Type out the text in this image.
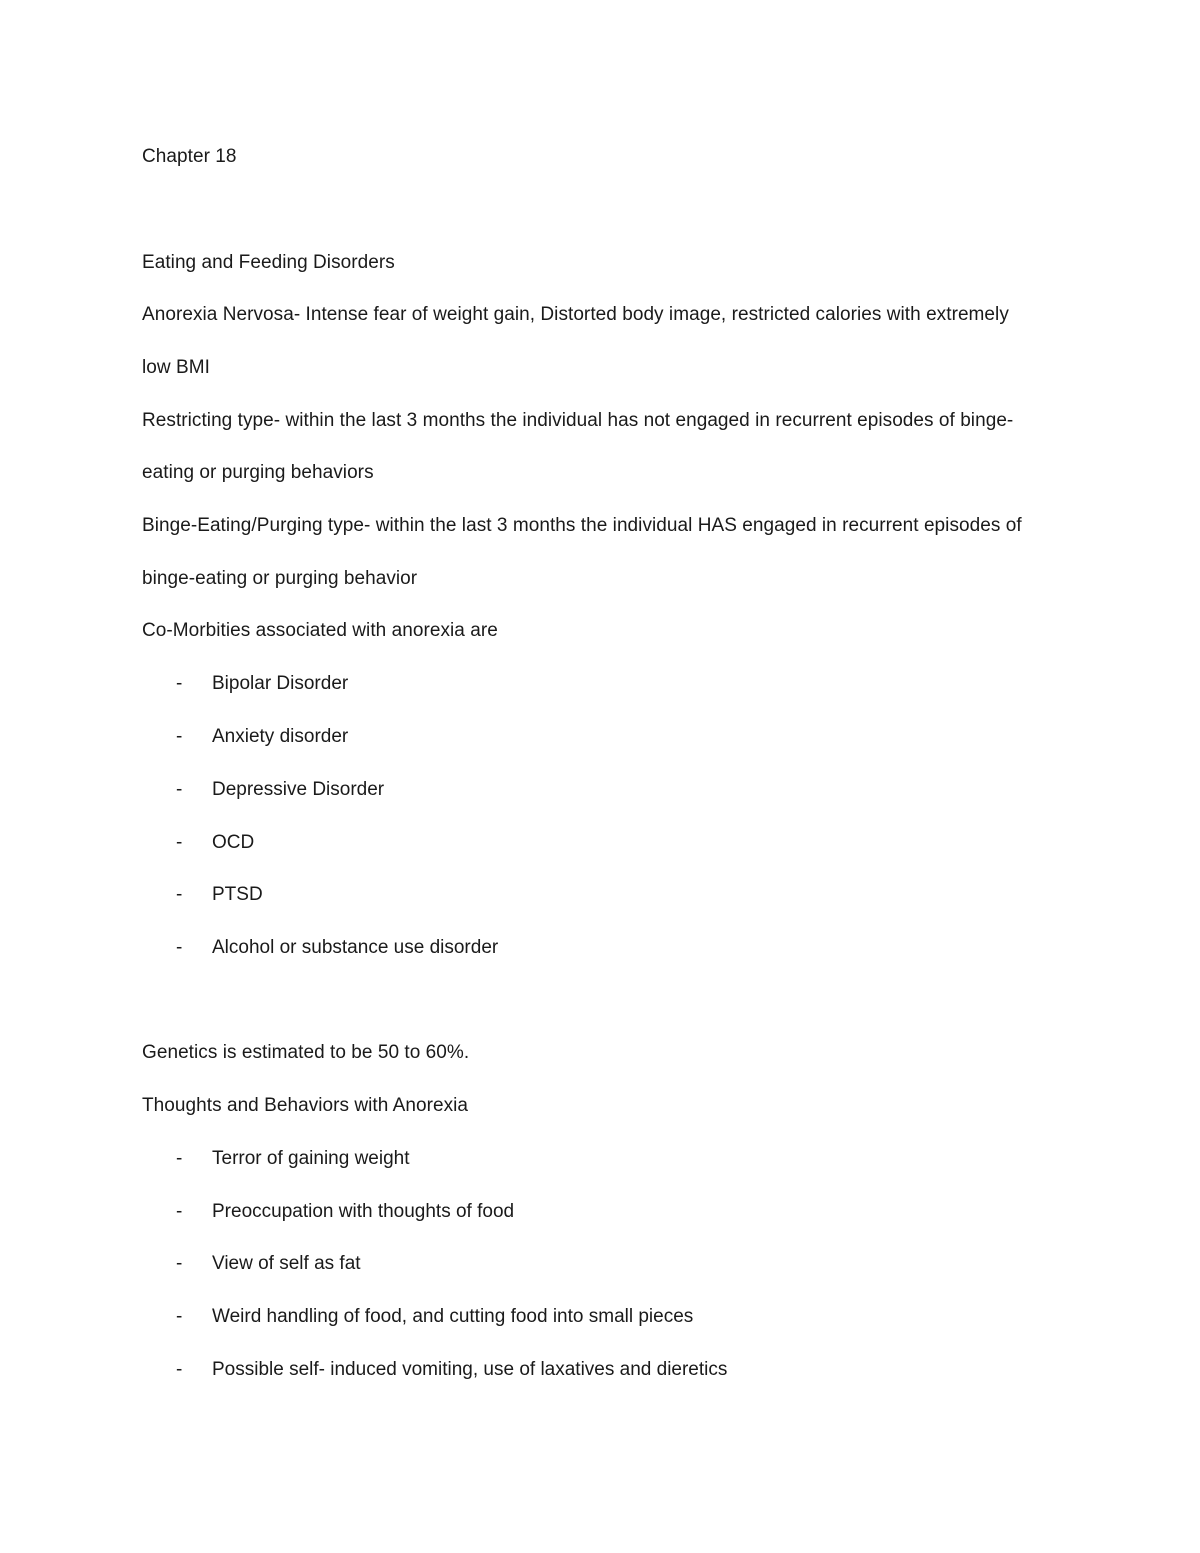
Chapter 18
Eating and Feeding Disorders
Anorexia Nervosa- Intense fear of weight gain, Distorted body image, restricted calories with extremely
low BMI
Restricting type- within the last 3 months the individual has not engaged in recurrent episodes of binge-
eating or purging behaviors
Binge-Eating/Purging type- within the last 3 months the individual HAS engaged in recurrent episodes of
binge-eating or purging behavior
Co-Morbities associated with anorexia are
- Bipolar Disorder
- Anxiety disorder
- Depressive Disorder
- OCD
- PTSD
- Alcohol or substance use disorder
Genetics is estimated to be 50 to 60%.
Thoughts and Behaviors with Anorexia
- Terror of gaining weight
- Preoccupation with thoughts of food
- View of self as fat
- Weird handling of food, and cutting food into small pieces
- Possible self- induced vomiting, use of laxatives and dieretics
